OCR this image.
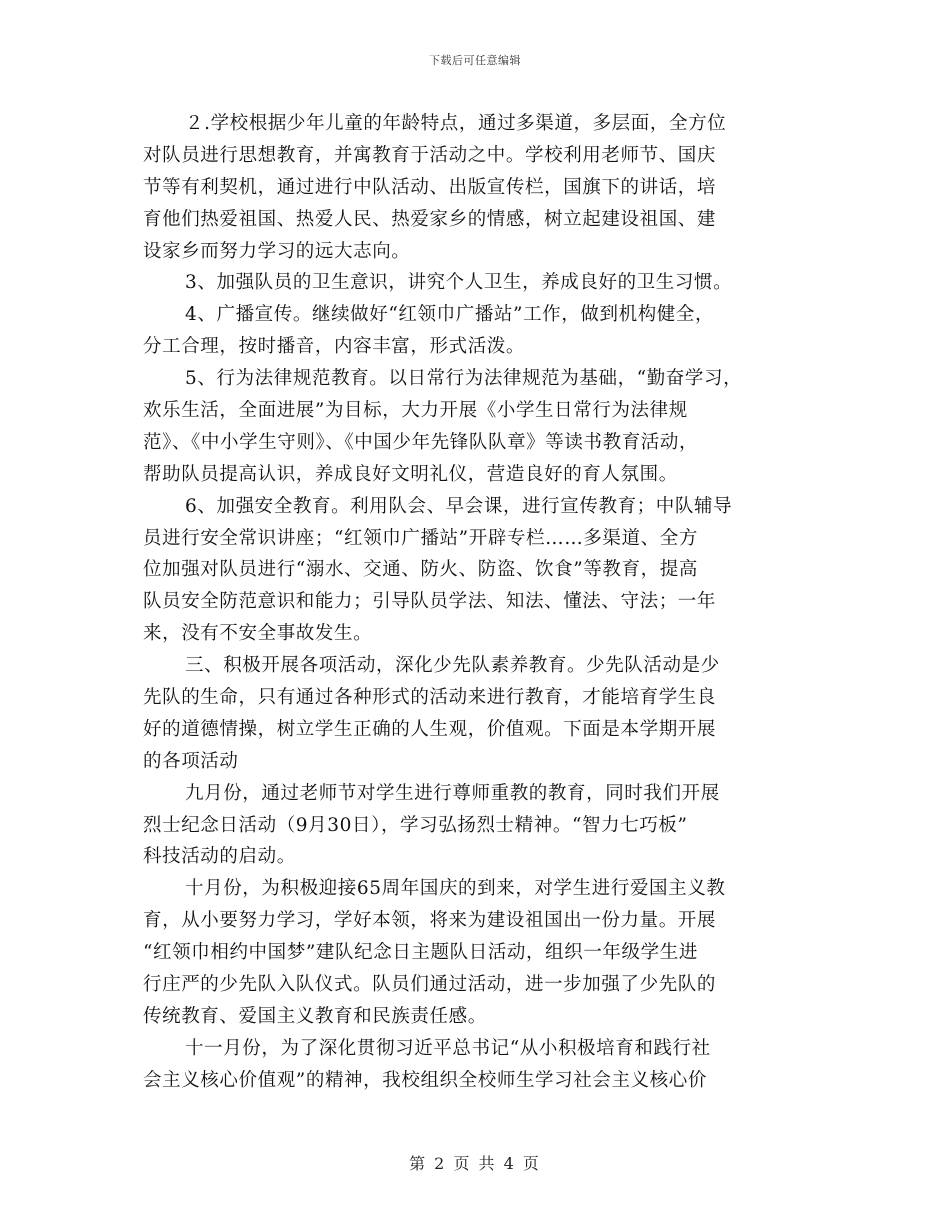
下载后可任意编辑
２.学校根据少年儿童的年龄特点，通过多渠道，多层面，全方位
对队员进行思想教育，并寓教育于活动之中。学校利用老师节、国庆
节等有利契机，通过进行中队活动、出版宣传栏，国旗下的讲话，培
育他们热爱祖国、热爱人民、热爱家乡的情感，树立起建设祖国、建
设家乡而努力学习的远大志向。
3、加强队员的卫生意识，讲究个人卫生，养成良好的卫生习惯。
4、广播宣传。继续做好“红领巾广播站”工作，做到机构健全，
分工合理，按时播音，内容丰富，形式活泼。
5、行为法律规范教育。以日常行为法律规范为基础，“勤奋学习，
欢乐生活，全面进展”为目标，大力开展《小学生日常行为法律规
范》、《中小学生守则》、《中国少年先锋队队章》等读书教育活动，
帮助队员提高认识，养成良好文明礼仪，营造良好的育人氛围。
6、加强安全教育。利用队会、早会课，进行宣传教育；中队辅导
员进行安全常识讲座；“红领巾广播站”开辟专栏……多渠道、全方
位加强对队员进行“溺水、交通、防火、防盗、饮食”等教育，提高
队员安全防范意识和能力；引导队员学法、知法、懂法、守法；一年
来，没有不安全事故发生。
三、积极开展各项活动，深化少先队素养教育。少先队活动是少
先队的生命，只有通过各种形式的活动来进行教育，才能培育学生良
好的道德情操，树立学生正确的人生观，价值观。下面是本学期开展
的各项活动
九月份，通过老师节对学生进行尊师重教的教育，同时我们开展
烈士纪念日活动（9月30日），学习弘扬烈士精神。“智力七巧板”
科技活动的启动。
十月份，为积极迎接65周年国庆的到来，对学生进行爱国主义教
育，从小要努力学习，学好本领，将来为建设祖国出一份力量。开展
“红领巾相约中国梦”建队纪念日主题队日活动，组织一年级学生进
行庄严的少先队入队仪式。队员们通过活动，进一步加强了少先队的
传统教育、爱国主义教育和民族责任感。
十一月份，为了深化贯彻习近平总书记“从小积极培育和践行社
会主义核心价值观”的精神，我校组织全校师生学习社会主义核心价
第 2 页 共 4 页
